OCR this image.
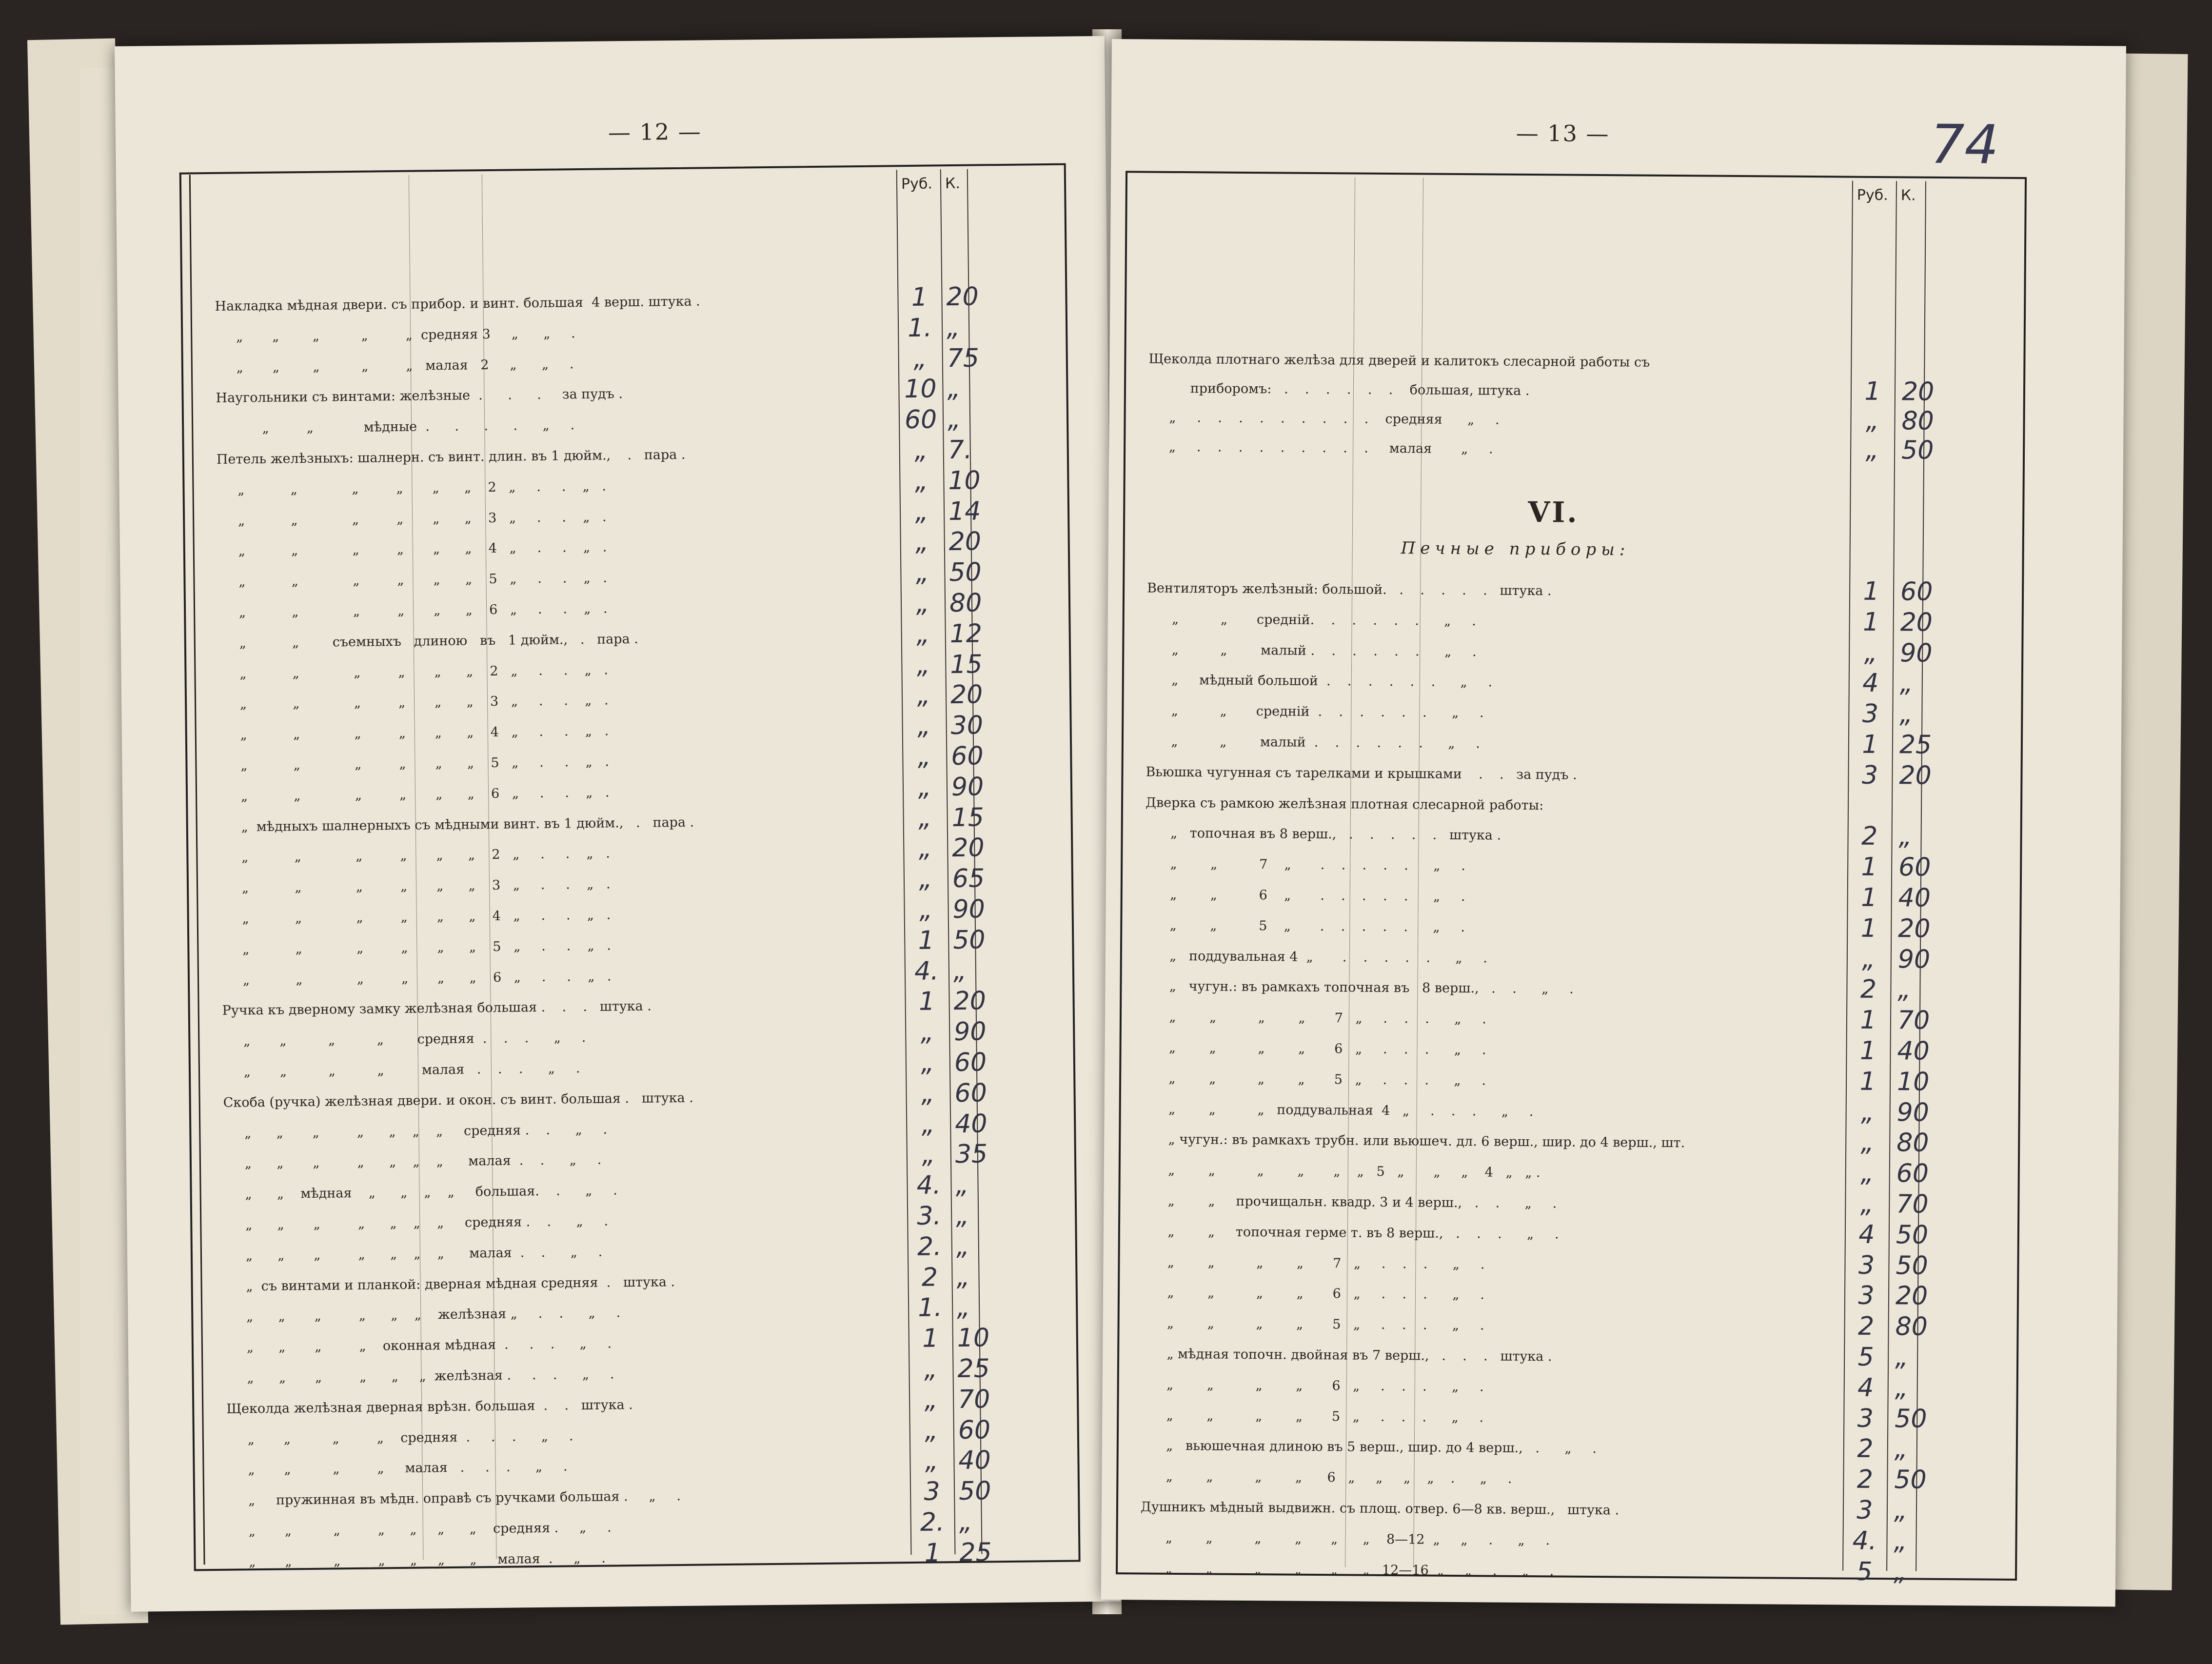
— 12 —
Руб. К.
Накладка мѣдная двери. съ прибор. и винт. большая  4 верш. штука .	1 20
„       „        „          „         „  средняя 3     „      „     .	1. „
„       „        „          „         „   малая   2     „      „     .	„ 75
Наугольники съ винтами: желѣзные  .      .      .     за пудъ .	10 „
„         „            мѣдные  .      .      .      .      „     .	60 „
Петель желѣзныхъ: шалнерн. съ винт. длин. въ 1 дюйм.,    .   пара .	„ 7.
„           „             „         „       „      „    2   „     .     .    „   .	„ 10
„           „             „         „       „      „    3   „     .     .    „   .	„ 14
„           „             „         „       „      „    4   „     .     .    „   .	„ 20
„           „             „         „       „      „    5   „     .     .    „   .	„ 50
„           „             „         „       „      „    6   „     .     .    „   .	„ 80
„           „        съемныхъ   длиною   въ   1 дюйм.,   .   пара .	„ 12
„           „             „         „       „      „    2   „     .     .    „   .	„ 15
„           „             „         „       „      „    3   „     .     .    „   .	„ 20
„           „             „         „       „      „    4   „     .     .    „   .	„ 30
„           „             „         „       „      „    5   „     .     .    „   .	„ 60
„           „             „         „       „      „    6   „     .     .    „   .	„ 90
„  мѣдныхъ шалнерныхъ съ мѣдными винт. въ 1 дюйм.,   .   пара .	„ 15
„           „             „         „       „      „    2   „     .     .    „   .	„ 20
„           „             „         „       „      „    3   „     .     .    „   .	„ 65
„           „             „         „       „      „    4   „     .     .    „   .	„ 90
„           „             „         „       „      „    5   „     .     .    „   .	1 50
„           „             „         „       „      „    6   „     .     .    „   .	4. „
Ручка къ дверному замку желѣзная большая .    .    .   штука .	1 20
„       „          „          „        средняя  .    .    .      „     .	„ 90
„       „          „          „         малая   .    .    .      „     .	„ 60
Скоба (ручка) желѣзная двери. и окон. съ винт. большая .   штука .	„ 60
„      „       „         „      „    „    „     средняя .    .      „     .	„ 40
„      „       „         „      „    „    „      малая  .    .      „     .	„ 35
„      „    мѣдная    „      „    „    „     большая.    .      „     .	4. „
„      „       „         „      „    „    „     средняя .    .      „     .	3. „
„      „       „         „      „    „    „      малая  .    .      „     .	2. „
„  съ винтами и планкой: дверная мѣдная средняя  .   штука .	2 „
„      „       „         „      „    „    желѣзная „     .    .      „     .	1. „
„      „       „         „    оконная мѣдная  .     .    .      „     .	1 10
„      „       „         „      „     „  желѣзная .     .    .      „     .	„ 25
Щеколда желѣзная дверная врѣзн. большая  .    .   штука .	„ 70
„       „          „         „    средняя  .     .    .      „     .	„ 60
„       „          „         „     малая   .     .    .      „     .	„ 40
„     пружинная въ мѣдн. оправѣ съ ручками большая .     „     .	3 50
„       „          „         „      „     „      „    средняя .     „     .	2. „
„       „          „         „      „     „      „     малая  .     „     .	1 25
— 13 —	74
Руб. К.
Щеколда плотнаго желѣза для дверей и калитокъ слесарной работы съ
приборомъ:   .    .    .    .    .    .    большая, штука .	1 20
„     .    .    .    .    .    .    .    .    .    средняя      „     .	„ 80
„     .    .    .    .    .    .    .    .    .     малая       „     .	„ 50
VI.
Печные приборы:
Вентиляторъ желѣзный: большой.   .    .    .    .    .   штука .	1 60
„          „       средній.    .    .    .    .    .      „     .	1 20
„          „        малый .    .    .    .    .    .      „     .	„ 90
„     мѣдный большой  .    .    .    .    .    .      „     .	4 „
„          „       средній  .    .    .    .    .    .      „     .	3 „
„          „        малый  .    .    .    .    .    .      „     .	1 25
Вьюшка чугунная съ тарелками и крышками    .    .   за пудъ .	3 20
Дверка съ рамкою желѣзная плотная слесарной работы:
„   топочная въ 8 верш.,   .    .    .    .    .   штука .	2 „
„        „          7    „       .    .    .    .    .      „     .	1 60
„        „          6    „       .    .    .    .    .      „     .	1 40
„        „          5    „       .    .    .    .    .      „     .	1 20
„   поддувальная 4  „       .    .    .    .    .      „     .	„ 90
„   чугун.: въ рамкахъ топочная въ   8 верш.,   .    .      „     .	2 „
„        „          „        „       7   „     .    .    .      „     .	1 70
„        „          „        „       6   „     .    .    .      „     .	1 40
„        „          „        „       5   „     .    .    .      „     .	1 10
„        „          „   поддувальная  4   „     .    .    .      „     .	„ 90
„ чугун.: въ рамкахъ трубн. или вьюшеч. дл. 6 верш., шир. до 4 верш., шт.	„ 80
„        „          „        „       „    „   5   „       „     „    4   „   „ .	„ 60
„        „     прочищальн. квадр. 3 и 4 верш.,   .    .      „     .	„ 70
„        „     топочная герме т. въ 8 верш.,   .    .    .      „     .	4 50
„        „          „        „       7   „     .    .    .      „     .	3 50
„        „          „        „       6   „     .    .    .      „     .	3 20
„        „          „        „       5   „     .    .    .      „     .	2 80
„ мѣдная топочн. двойная въ 7 верш.,   .    .    .   штука .	5 „
„        „          „        „       6   „     .    .    .      „     .	4 „
„        „          „        „       5   „     .    .    .      „     .	3 50
„   вьюшечная длиною въ 5 верш., шир. до 4 верш.,   .      „     .	2 „
„        „          „        „      6   „     „     „    „    .      „     .	2 50
Душникъ мѣдный выдвижн. съ площ. отвер. 6—8 кв. верш.,   штука .	3 „
„        „          „        „       „      „    8—12  „     „     .      „     .	4. „
„        „          „        „       „      „   12—16  „     „     .      „     .	5 „
